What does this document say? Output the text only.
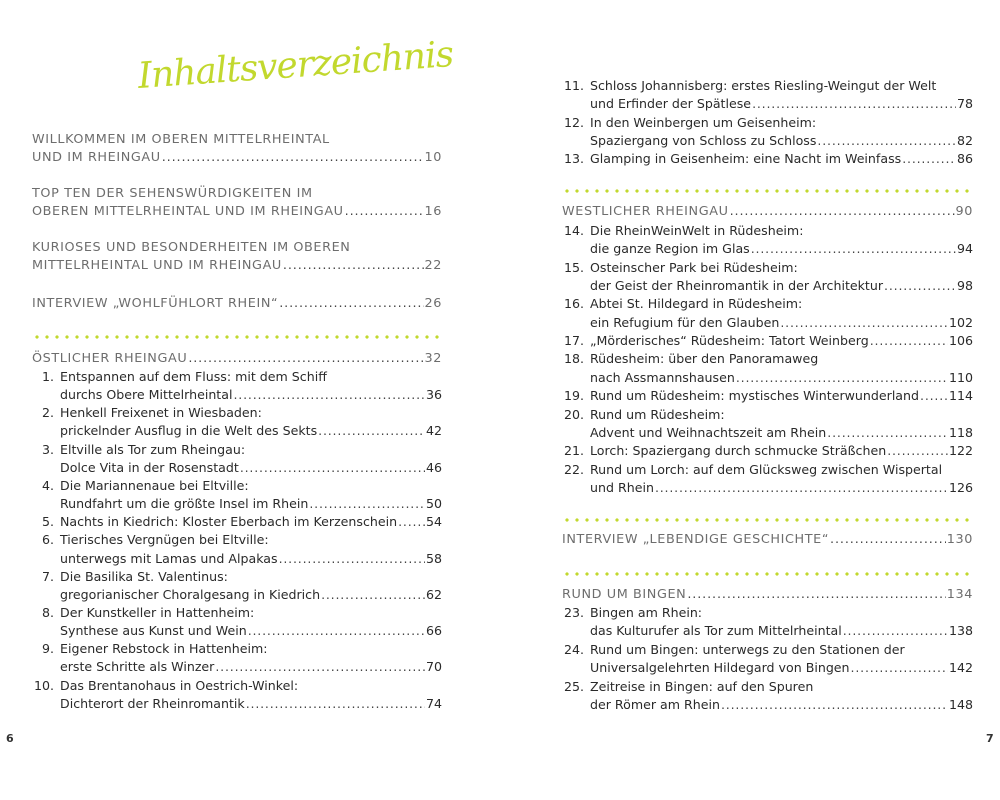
Inhaltsverzeichnis
WILLKOMMEN IM OBEREN MITTELRHEINTAL
UND IM RHEINGAU . . .	10
TOP TEN DER SEHENSWÜRDIGKEITEN IM
OBEREN MITTELRHEINTAL UND IM RHEINGAU . . .	16
KURIOSES UND BESONDERHEITEN IM OBEREN
MITTELRHEINTAL UND IM RHEINGAU . . .	22
INTERVIEW „WOHLFÜHLORT RHEIN“ . . .	26
ÖSTLICHER RHEINGAU . . .	32
1. Entspannen auf dem Fluss: mit dem Schiff
durchs Obere Mittelrheintal . . .	36
2. Henkell Freixenet in Wiesbaden:
prickelnder Ausflug in die Welt des Sekts . . .	42
3. Eltville als Tor zum Rheingau:
Dolce Vita in der Rosenstadt . . .	46
4. Die Mariannenaue bei Eltville:
Rundfahrt um die größte Insel im Rhein . . .	50
5. Nachts in Kiedrich: Kloster Eberbach im Kerzenschein . . . 54
6. Tierisches Vergnügen bei Eltville:
unterwegs mit Lamas und Alpakas . . .	58
7. Die Basilika St. Valentinus:
gregorianischer Choralgesang in Kiedrich . . .	62
8. Der Kunstkeller in Hattenheim:
Synthese aus Kunst und Wein . . .	66
9. Eigener Rebstock in Hattenheim:
erste Schritte als Winzer . . .	70
10. Das Brentanohaus in Oestrich-Winkel:
Dichterort der Rheinromantik . . .	74
11. Schloss Johannisberg: erstes Riesling-Weingut der Welt
und Erfinder der Spätlese . . .	78
12. In den Weinbergen um Geisenheim:
Spaziergang von Schloss zu Schloss . . .	82
13. Glamping in Geisenheim: eine Nacht im Weinfass . . .	86
WESTLICHER RHEINGAU . . .	90
14. Die RheinWeinWelt in Rüdesheim:
die ganze Region im Glas . . .	94
15. Osteinscher Park bei Rüdesheim:
der Geist der Rheinromantik in der Architektur . . .	98
16. Abtei St. Hildegard in Rüdesheim:
ein Refugium für den Glauben . . .	102
17. „Mörderisches“ Rüdesheim: Tatort Weinberg . . .	106
18. Rüdesheim: über den Panoramaweg
nach Assmannshausen . . .	110
19. Rund um Rüdesheim: mystisches Winterwunderland . . . 114
20. Rund um Rüdesheim:
Advent und Weihnachtszeit am Rhein . . .	118
21. Lorch: Spaziergang durch schmucke Sträßchen . . .	122
22. Rund um Lorch: auf dem Glücksweg zwischen Wispertal
und Rhein . . .	126
INTERVIEW „LEBENDIGE GESCHICHTE“ . . .	130
RUND UM BINGEN . . .	134
23. Bingen am Rhein:
das Kulturufer als Tor zum Mittelrheintal . . .	138
24. Rund um Bingen: unterwegs zu den Stationen der
Universalgelehrten Hildegard von Bingen . . .	142
25. Zeitreise in Bingen: auf den Spuren
der Römer am Rhein . . .	148
6	7
